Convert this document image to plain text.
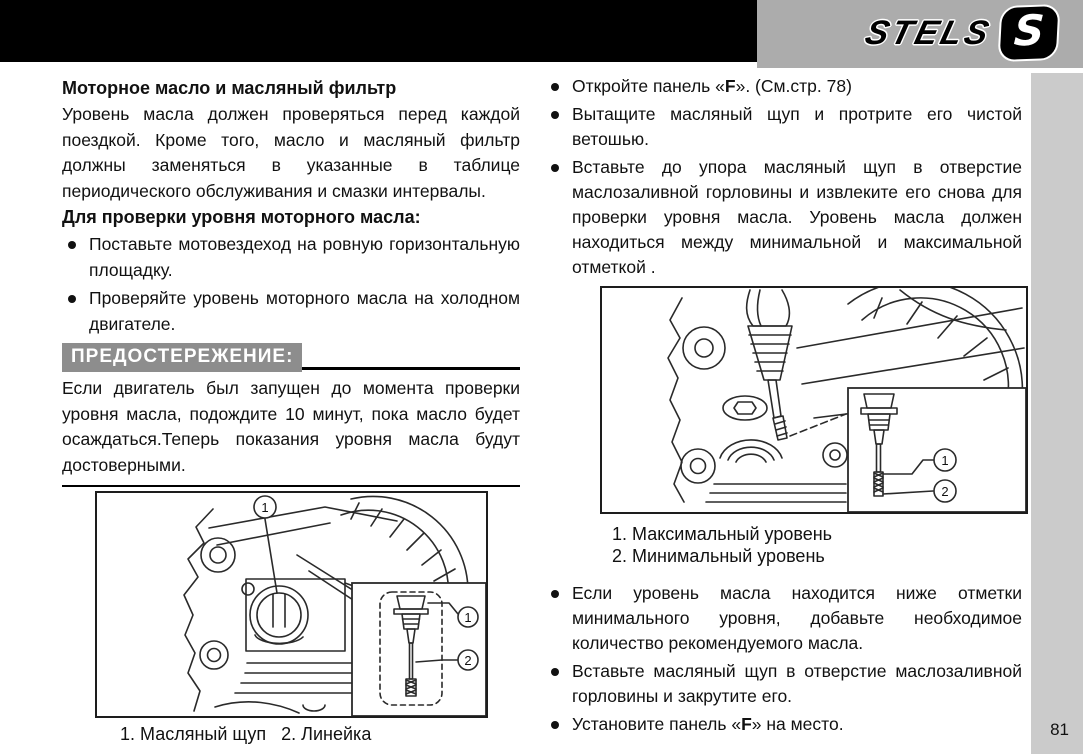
STELS S
81
Моторное масло и масляный фильтр

Уровень масла должен проверяться перед каждой поездкой. Кроме того, масло и масляный фильтр должны заменяться в указанные в таблице периодического обслуживания и смазки интервалы.

Для проверки уровня моторного масла:
Поставьте мотовездеход на ровную горизонтальную площадку.
Проверяйте уровень моторного масла на холодном двигателе.
ПРЕДОСТЕРЕЖЕНИЕ:

Если двигатель был запущен до момента проверки уровня масла, подождите 10 минут, пока масло будет осаждаться.Теперь показания уровня масла будут достоверными.

1
1
2
1. Масляный щуп   2. Линейка
Откройте панель «F». (См.стр. 78)
Вытащите масляный щуп и протрите его чистой ветошью.
Вставьте до упора масляный щуп в отверстие маслозаливной горловины и извлеките его снова для проверки уровня масла. Уровень масла должен находиться между минимальной и максимальной отметкой .
1
2
1. Максимальный уровень
2. Минимальный уровень
Если уровень масла находится ниже отметки минимального уровня, добавьте необходимое количество рекомендуемого масла.
Вставьте масляный щуп в отверстие маслозаливной горловины и закрутите его.
Установите панель «F» на место.
